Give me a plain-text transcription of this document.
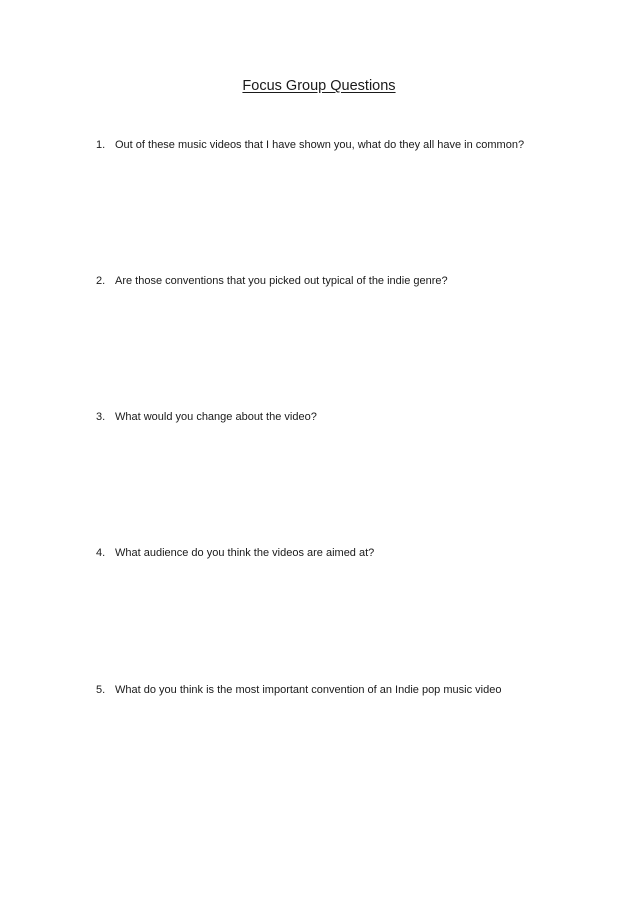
Focus Group Questions
1. Out of these music videos that I have shown you, what do they all have in common?
2. Are those conventions that you picked out typical of the indie genre?
3. What would you change about the video?
4. What audience do you think the videos are aimed at?
5. What do you think is the most important convention of an Indie pop music video
